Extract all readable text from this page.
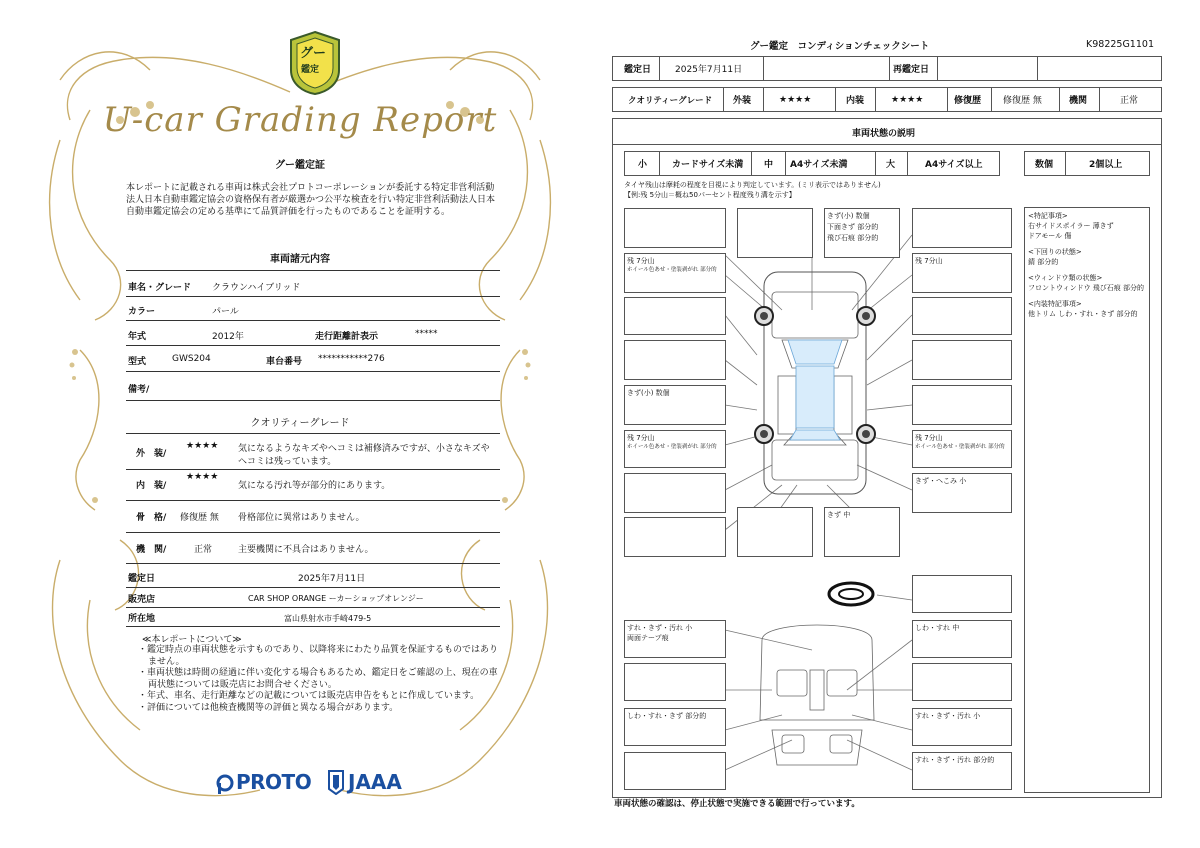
グー
鑑定
U-car Grading Report
グー鑑定証
本レポートに記載される車両は株式会社プロトコーポレーションが委託する特定非営利活動法人日本自動車鑑定協会の資格保有者が厳選かつ公平な検査を行い特定非営利活動法人日本自動車鑑定協会の定める基準にて品質評価を行ったものであることを証明する。
車両諸元内容
車名・グレード クラウンハイブリッド
カラー	パール
年式	2012年	走行距離計表示	*****
型式	GWS204	車台番号 ***********276
備考/
クオリティーグレード
外　装/
★★★★ 気になるようなキズやヘコミは補修済みですが、小さなキズや
ヘコミは残っています。
内　装/
★★★★
気になる汚れ等が部分的にあります。
骨　格/ 修復歴 無 骨格部位に異常はありません。
機　関/	正常	主要機関に不具合はありません。
鑑定日	2025年7月11日
販売店	CAR SHOP ORANGE ーカーショップオレンジー
所在地	富山県射水市手崎479-5
≪本レポートについて≫
・鑑定時点の車両状態を示すものであり、以降将来にわたり品質を保証するものではありません。
・車両状態は時間の経過に伴い変化する場合もあるため、鑑定日をご確認の上、現在の車両状態については販売店にお問合せください。
・年式、車名、走行距離などの記載については販売店申告をもとに作成しています。
・評価については他検査機関等の評価と異なる場合があります。
PROTO JAAA
グー鑑定　コンディションチェックシート	K98225G1101
鑑定日	2025年7月11日	再鑑定日
クオリティーグレード 外装	★★★★	内装	★★★★	修復歴 修復歴 無	機関	正常
車両状態の説明
小	カードサイズ未満 中 A4サイズ未満	大	A4サイズ以上	数個	2個以上
タイヤ残山は摩耗の程度を目視により判定しています。(ミリ表示ではありません)
【例:残 5分山＝概ね50パーセント程度残り溝を示す】
<特記事項>
右サイドスポイラー 薄きず
ドアモール 傷
<下回りの状態>
錆 部分的
<ウィンドウ類の状態>
フロントウィンドウ 飛び石痕 部分的
<内装特記事項>
他トリム しわ・すれ・きず 部分的
残 7分山
ホイール色あせ・塗装剥がれ 部分的
きず(小) 数個
残 7分山
ホイール色あせ・塗装剥がれ 部分的
きず(小) 数個
下面きず 部分的
飛び石痕 部分的
残 7分山
残 7分山
ホイール色あせ・塗装剥がれ 部分的
きず・へこみ 小
きず 中
すれ・きず・汚れ 小
両面テープ痕
しわ・すれ 中
しわ・すれ・きず 部分的	すれ・きず・汚れ 小
すれ・きず・汚れ 部分的
車両状態の確認は、停止状態で実施できる範囲で行っています。
